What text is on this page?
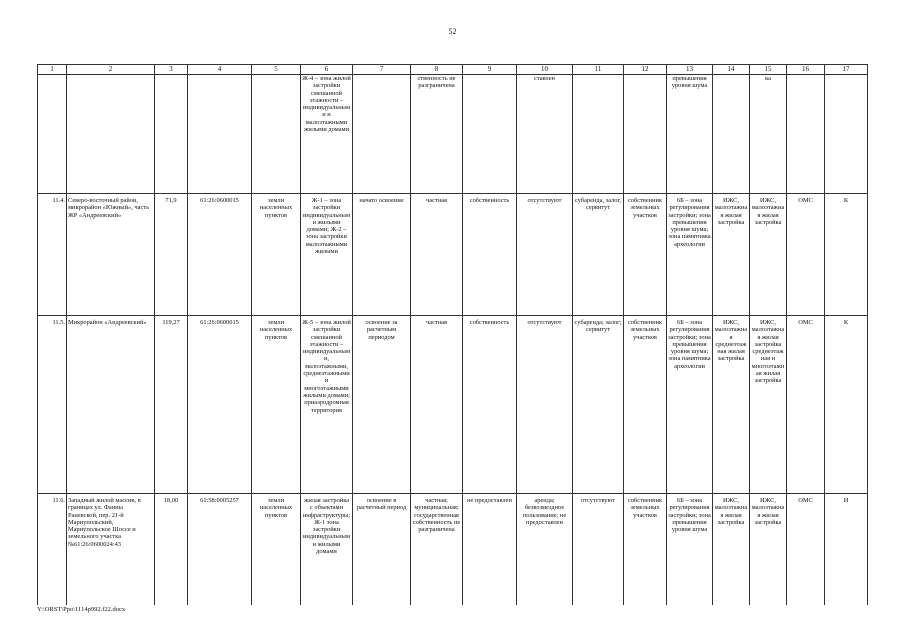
52
1	2	3	4	5	6	7	8	9	10	11	12	13	14	15	16	17
					Ж-4 – зона жилой застройки смешанной этажности – индивидуальными и малоэтажными жилыми домами		ственность не разграничена		ставлен			превышения уровня шума		ка		
11.4.	Северо-восточный район, микрорайон «Южный», часть ЖР «Андреевский»	71,9	61:26:0600015	земли населенных пунктов	Ж-1 – зона застройки индивидуальными жилыми домами; Ж-2 – зона застройки малоэтажными жилыми	начато освоение	частная	собственность	отсутствуют	субаренда, залог, сервитут	собственник земельных участков	6Б – зона регулирования застройки; зона превышения уровня шума; зона памятника археологии	ИЖС, малоэтажная жилая застройка	ИЖС, малоэтажная жилая застройка	ОМС	К
11.5.	Микрорайон «Андреевский»	119,27	61:26:0600015	земли населенных пунктов	Ж-5 – зона жилой застройки смешанной этажности – индивидуальными, малоэтажными, среднеэтажными и многоэтажными жилыми домами; приаэродромная территория	освоение за расчетным периодом	частная	собственность	отсутствуют	субаренда; залог; сервитут	собственник земельных участков	6Б – зона регулирования застройки; зона превышения уровня шума; зона памятника археологии	ИЖС, малоэтажная среднеэтажная жилая застройка	ИЖС, малоэтажная жилая застройка среднеэтажная и многоэтажная жилая застройка	ОМС	К
11.6.	Западный жилой массив, в границах ул. Фаины Раневской, пер. 21-й Мариупольский, Мариупольское Шоссе и земельного участка №61:26:0600024:43	18,00	61:58:0005257	земли населенных пунктов	жилая застройка с объектами инфраструктуры; Ж-1 зона застройки индивидуальными жилыми домами	освоение в расчетный период	частная; муниципальная; государственная собственность не разграничена	не предоставлен	аренда; безвозмездное пользование; не предоставлен	отсутствуют	собственник земельных участков	6Б – зона регулирования застройки; зона превышения уровня шума	ИЖС, малоэтажная жилая застройка	ИЖС, малоэтажная жилая застройка	ОМС	И
Y:\ORST\Ppo\1114p992.f22.docx
